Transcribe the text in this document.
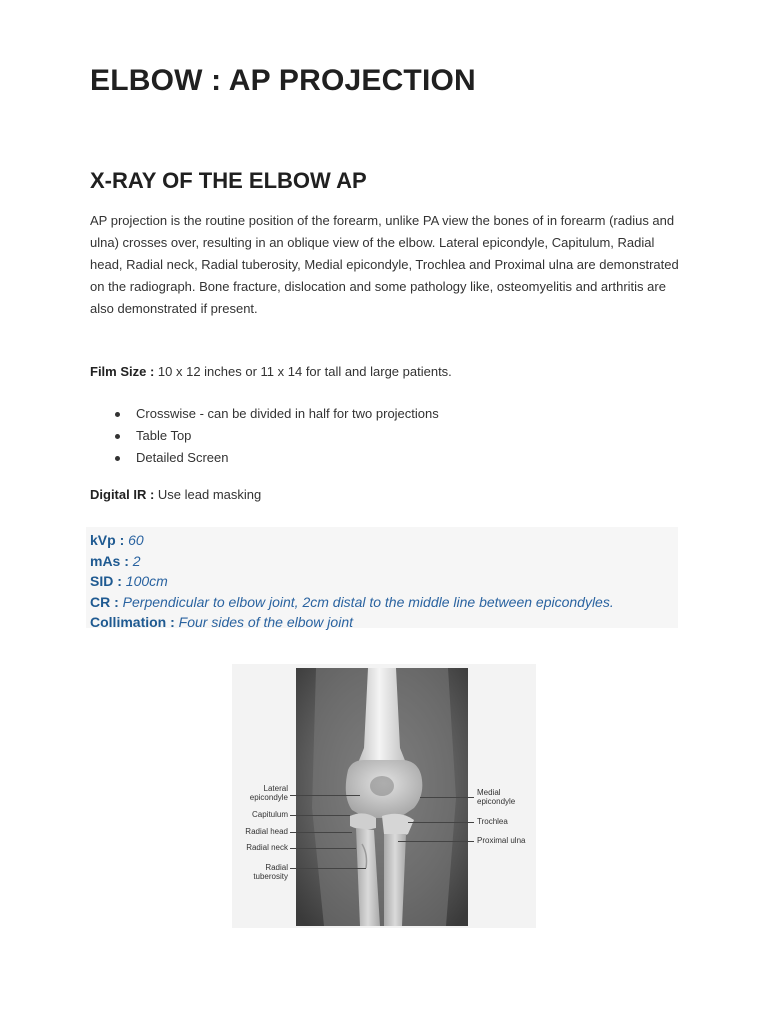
ELBOW : AP PROJECTION
X-RAY OF THE ELBOW AP

AP projection is the routine position of the forearm, unlike PA view the bones of in forearm (radius and ulna) crosses over, resulting in an oblique view of the elbow. Lateral epicondyle, Capitulum, Radial head, Radial neck, Radial tuberosity, Medial epicondyle, Trochlea and Proximal ulna are demonstrated on the radiograph. Bone fracture, dislocation and some pathology like, osteomyelitis and arthritis are also demonstrated if present.

Film Size : 10 x 12 inches or 11 x 14 for tall and large patients.

Crosswise - can be divided in half for two projections
Table Top
Detailed Screen

Digital IR : Use lead masking

kVp : 60
mAs : 2
SID : 100cm
CR : Perpendicular to elbow joint, 2cm distal to the middle line between epicondyles.
Collimation : Four sides of the elbow joint
Lateral
epicondyle
Capitulum
Radial head
Radial neck
Radial
tuberosity
Medial
epicondyle
Trochlea
Proximal ulna
